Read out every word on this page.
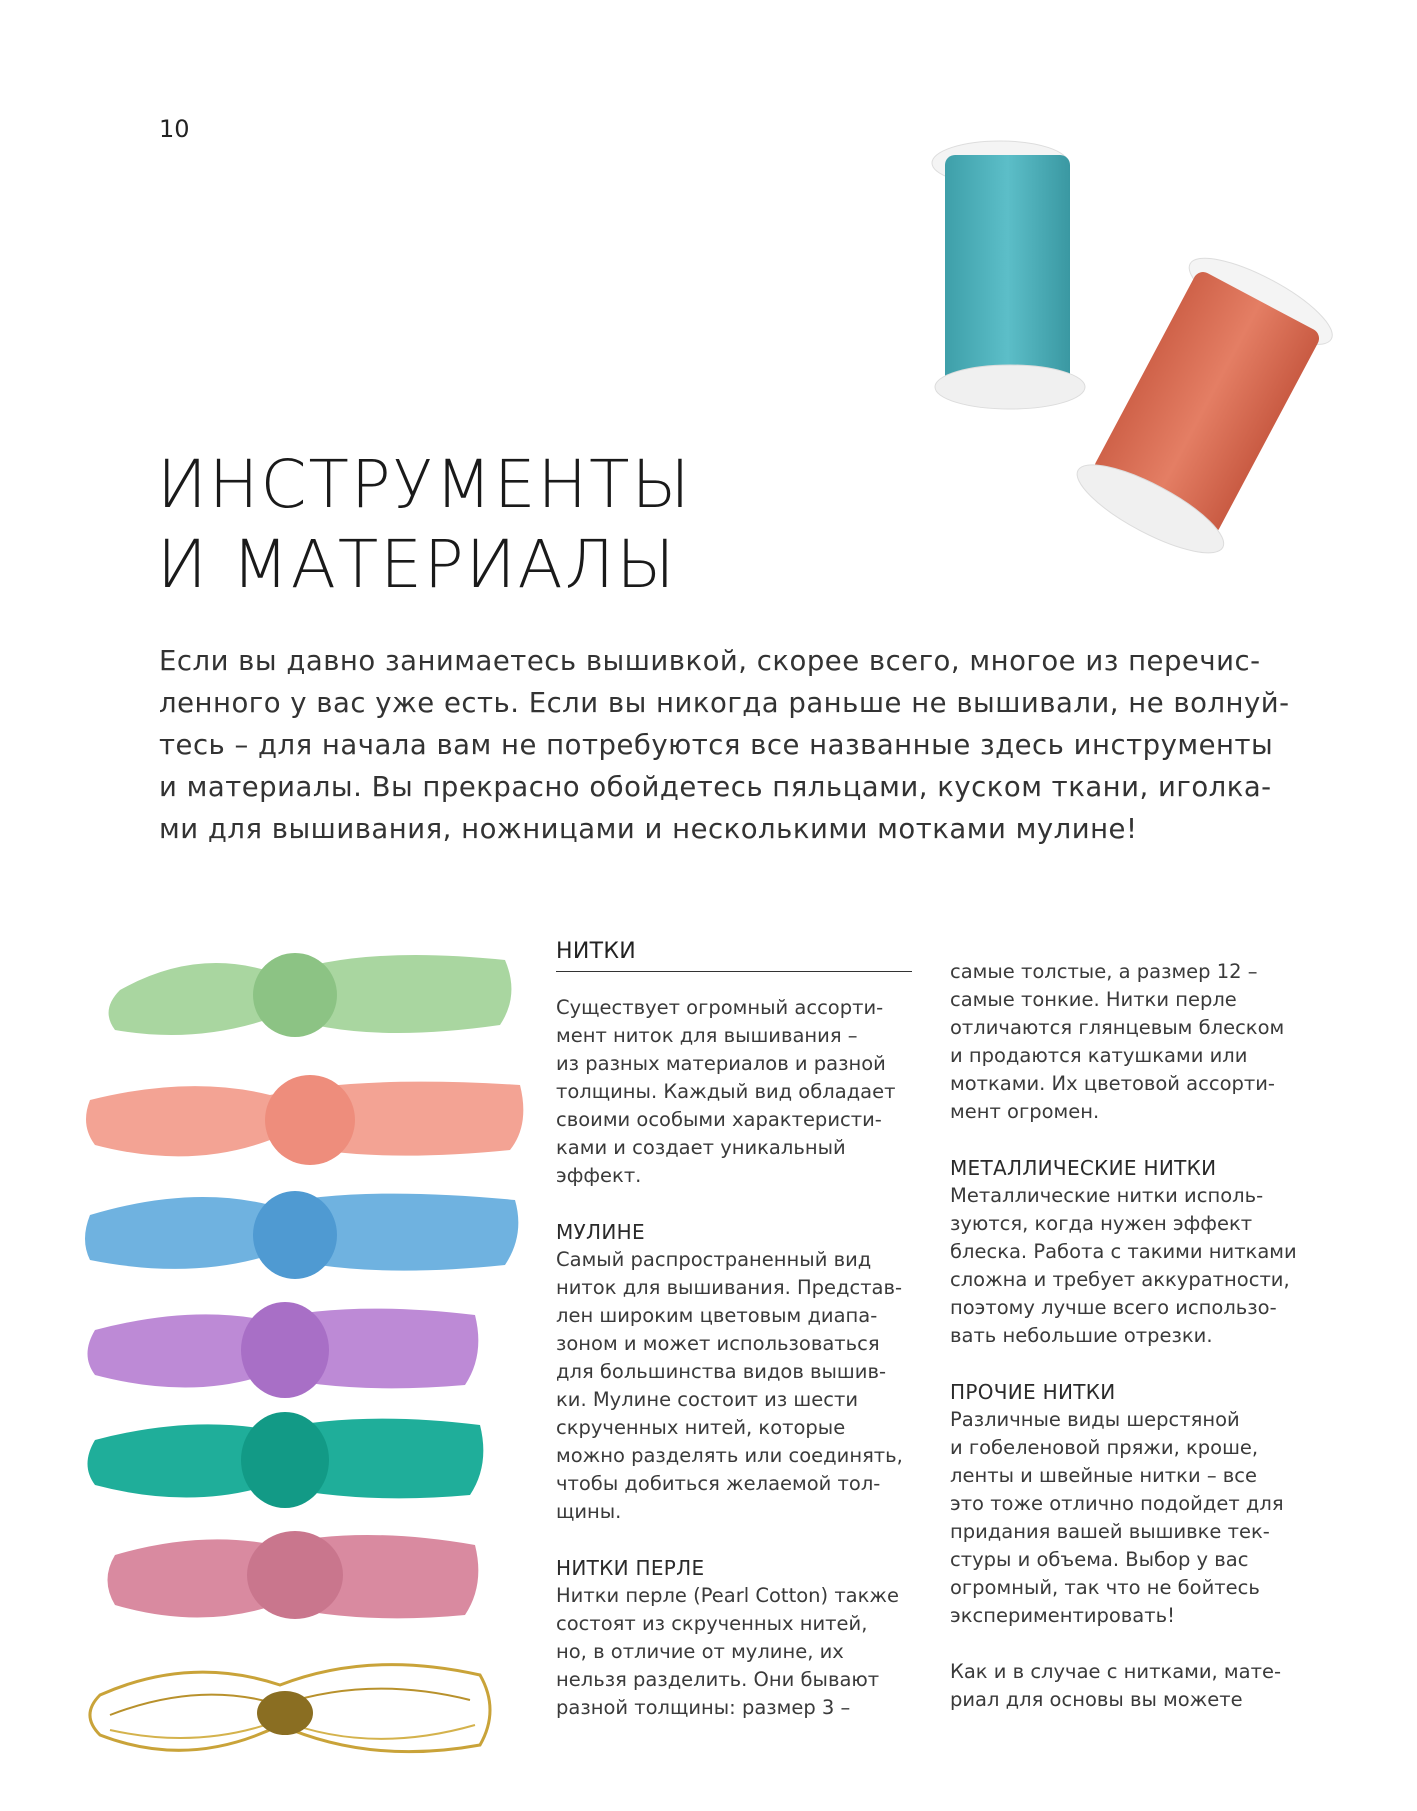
10
ИНСТРУМЕНТЫ
И МАТЕРИАЛЫ

Если вы давно занимаетесь вышивкой, скорее всего, многое из перечис-
ленного у вас уже есть. Если вы никогда раньше не вышивали, не волнуй-
тесь – для начала вам не потребуются все названные здесь инструменты
и материалы. Вы прекрасно обойдетесь пяльцами, куском ткани, иголка-
ми для вышивания, ножницами и несколькими мотками мулине!

НИТКИ
Существует огромный ассорти-
мент ниток для вышивания –
из разных материалов и разной
толщины. Каждый вид обладает
своими особыми характеристи-
ками и создает уникальный
эффект.
МУЛИНЕ
Самый распространенный вид
ниток для вышивания. Представ-
лен широким цветовым диапа-
зоном и может использоваться
для большинства видов вышив-
ки. Мулине состоит из шести
скрученных нитей, которые
можно разделять или соединять,
чтобы добиться желаемой тол-
щины.
НИТКИ ПЕРЛЕ
Нитки перле (Pearl Cotton) также
состоят из скрученных нитей,
но, в отличие от мулине, их
нельзя разделить. Они бывают
разной толщины: размер 3 –
самые толстые, а размер 12 –
самые тонкие. Нитки перле
отличаются глянцевым блеском
и продаются катушками или
мотками. Их цветовой ассорти-
мент огромен.
МЕТАЛЛИЧЕСКИЕ НИТКИ
Металлические нитки исполь-
зуются, когда нужен эффект
блеска. Работа с такими нитками
сложна и требует аккуратности,
поэтому лучше всего использо-
вать небольшие отрезки.
ПРОЧИЕ НИТКИ
Различные виды шерстяной
и гобеленовой пряжи, кроше,
ленты и швейные нитки – все
это тоже отлично подойдет для
придания вашей вышивке тек-
стуры и объема. Выбор у вас
огромный, так что не бойтесь
экспериментировать!
Как и в случае с нитками, мате-
риал для основы вы можете
